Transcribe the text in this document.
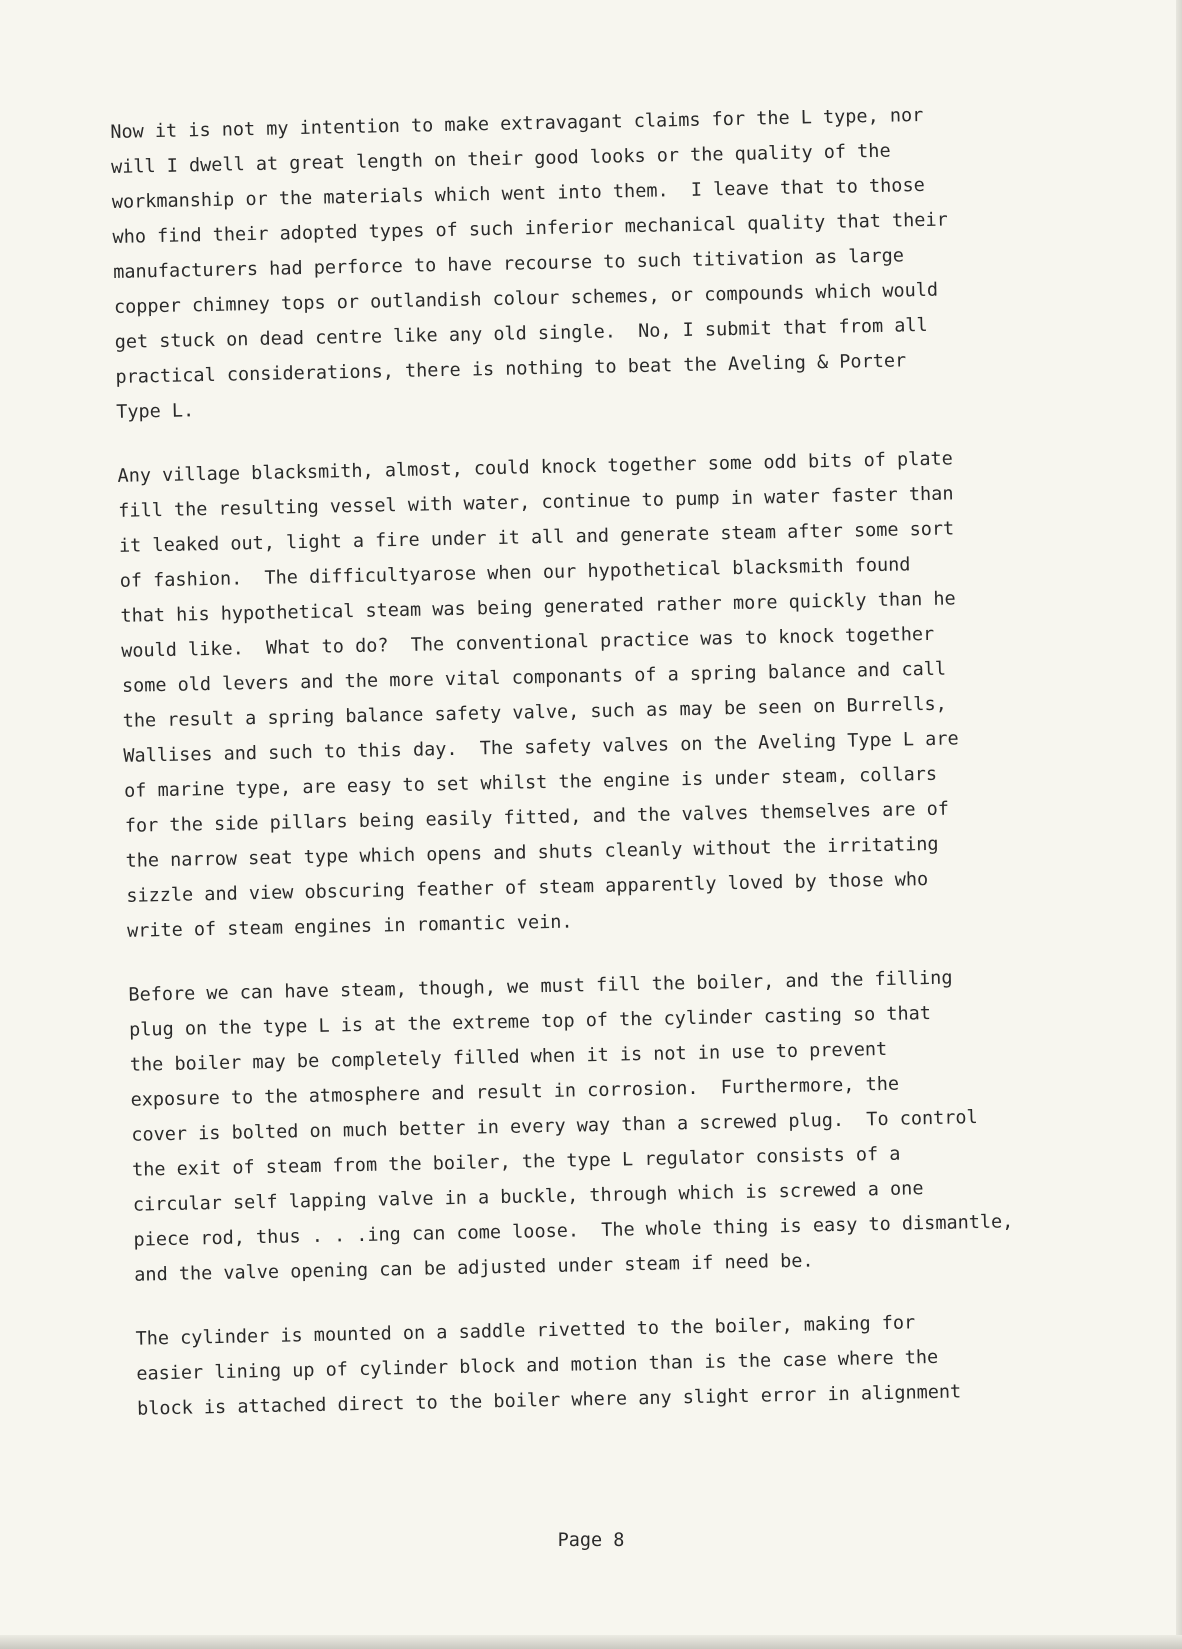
Now it is not my intention to make extravagant claims for the L type, nor
will I dwell at great length on their good looks or the quality of the
workmanship or the materials which went into them.  I leave that to those
who find their adopted types of such inferior mechanical quality that their
manufacturers had perforce to have recourse to such titivation as large
copper chimney tops or outlandish colour schemes, or compounds which would
get stuck on dead centre like any old single.  No, I submit that from all
practical considerations, there is nothing to beat the Aveling & Porter
Type L.
Any village blacksmith, almost, could knock together some odd bits of plate
fill the resulting vessel with water, continue to pump in water faster than
it leaked out, light a fire under it all and generate steam after some sort
of fashion.  The difficultyarose when our hypothetical blacksmith found
that his hypothetical steam was being generated rather more quickly than he
would like.  What to do?  The conventional practice was to knock together
some old levers and the more vital componants of a spring balance and call
the result a spring balance safety valve, such as may be seen on Burrells,
Wallises and such to this day.  The safety valves on the Aveling Type L are
of marine type, are easy to set whilst the engine is under steam, collars
for the side pillars being easily fitted, and the valves themselves are of
the narrow seat type which opens and shuts cleanly without the irritating
sizzle and view obscuring feather of steam apparently loved by those who
write of steam engines in romantic vein.
Before we can have steam, though, we must fill the boiler, and the filling
plug on the type L is at the extreme top of the cylinder casting so that
the boiler may be completely filled when it is not in use to prevent
exposure to the atmosphere and result in corrosion.  Furthermore, the
cover is bolted on much better in every way than a screwed plug.  To control
the exit of steam from the boiler, the type L regulator consists of a
circular self lapping valve in a buckle, through which is screwed a one
piece rod, thus . . .ing can come loose.  The whole thing is easy to dismantle,
and the valve opening can be adjusted under steam if need be.
The cylinder is mounted on a saddle rivetted to the boiler, making for
easier lining up of cylinder block and motion than is the case where the
block is attached direct to the boiler where any slight error in alignment
Page 8
